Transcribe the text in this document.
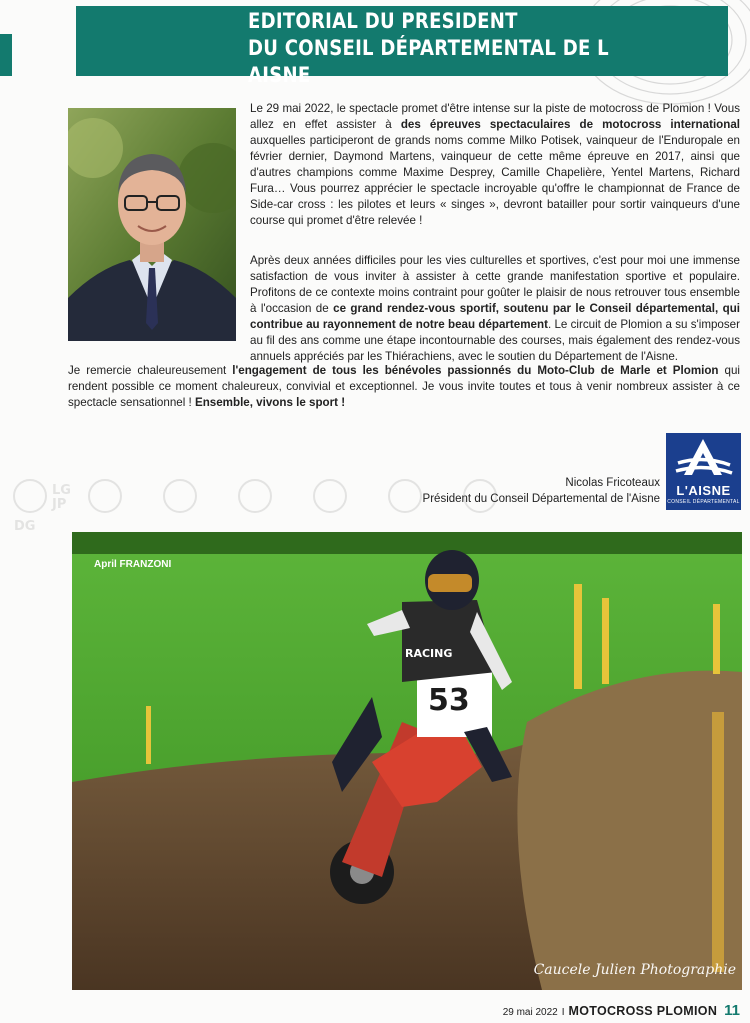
EDITORIAL DU PRESIDENT
DU CONSEIL DÉPARTEMENTAL DE L AISNE

Le 29 mai 2022, le spectacle promet d'être intense sur la piste de motocross de Plomion ! Vous allez en effet assister à des épreuves spectaculaires de motocross international auxquelles participeront de grands noms comme Milko Potisek, vainqueur de l'Enduropale en février dernier, Daymond Martens, vainqueur de cette même épreuve en 2017, ainsi que d'autres champions comme Maxime Desprey, Camille Chapelière, Yentel Martens, Richard Fura… Vous pourrez apprécier le spectacle incroyable qu'offre le championnat de France de Side-car cross : les pilotes et leurs « singes », devront batailler pour sortir vainqueurs d'une course qui promet d'être relevée !

Après deux années difficiles pour les vies culturelles et sportives, c'est pour moi une immense satisfaction de vous inviter à assister à cette grande manifestation sportive et populaire. Profitons de ce contexte moins contraint pour goûter le plaisir de nous retrouver tous ensemble à l'occasion de ce grand rendez-vous sportif, soutenu par le Conseil départemental, qui contribue au rayonnement de notre beau département. Le circuit de Plomion a su s'imposer au fil des ans comme une étape incontournable des courses, mais également des rendez-vous annuels appréciés par les Thiérachiens, avec le soutien du Département de l'Aisne.

Je remercie chaleureusement l'engagement de tous les bénévoles passionnés du Moto-Club de Marle et Plomion qui rendent possible ce moment chaleureux, convivial et exceptionnel. Je vous invite toutes et tous à venir nombreux assister à ce spectacle sensationnel ! Ensemble, vivons le sport !

Nicolas Fricoteaux
Président du Conseil Départemental de l'Aisne
L'AISNE
CONSEIL DÉPARTEMENTAL
LG
JP
DG
53
RACING
April FRANZONI
Caucele Julien Photographie
29 mai 2022 I MOTOCROSS PLOMION 11
